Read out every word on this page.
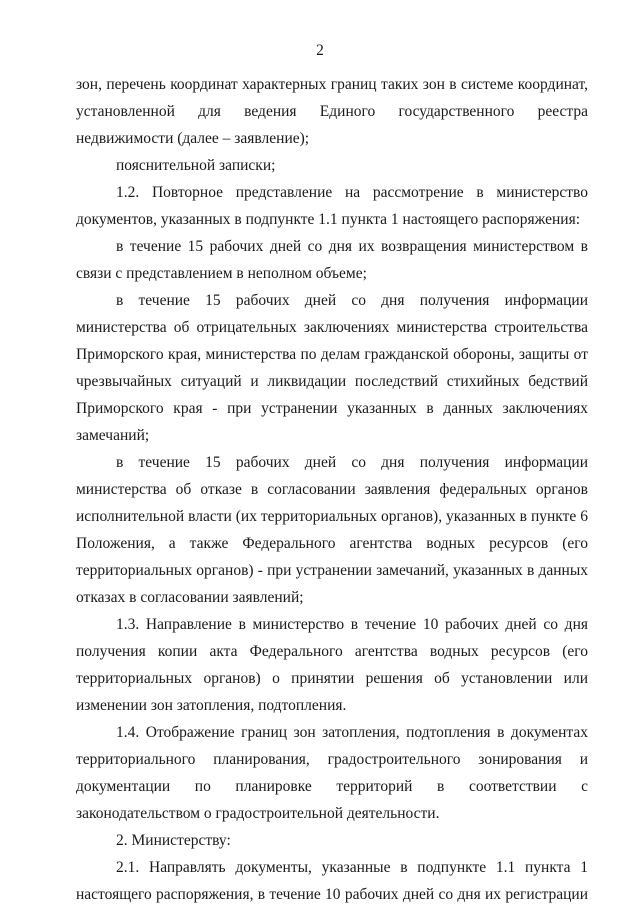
2

зон, перечень координат характерных границ таких зон в системе координат, установленной для ведения Единого государственного реестра недвижимости (далее – заявление);

пояснительной записки;

1.2. Повторное представление на рассмотрение в министерство документов, указанных в подпункте 1.1 пункта 1 настоящего распоряжения:

в течение 15 рабочих дней со дня их возвращения министерством в связи с представлением в неполном объеме;

в течение 15 рабочих дней со дня получения информации министерства об отрицательных заключениях министерства строительства Приморского края, министерства по делам гражданской обороны, защиты от чрезвычайных ситуаций и ликвидации последствий стихийных бедствий Приморского края - при устранении указанных в данных заключениях замечаний;

в течение 15 рабочих дней со дня получения информации министерства об отказе в согласовании заявления федеральных органов исполнительной власти (их территориальных органов), указанных в пункте 6 Положения, а также Федерального агентства водных ресурсов (его территориальных органов) - при устранении замечаний, указанных в данных отказах в согласовании заявлений;

1.3. Направление в министерство в течение 10 рабочих дней со дня получения копии акта Федерального агентства водных ресурсов (его территориальных органов) о принятии решения об установлении или изменении зон затопления, подтопления.

1.4. Отображение границ зон затопления, подтопления в документах территориального планирования, градостроительного зонирования и документации по планировке территорий в соответствии с законодательством о градостроительной деятельности.

2. Министерству:

2.1. Направлять документы, указанные в подпункте 1.1 пункта 1 настоящего распоряжения, в течение 10 рабочих дней со дня их регистрации
